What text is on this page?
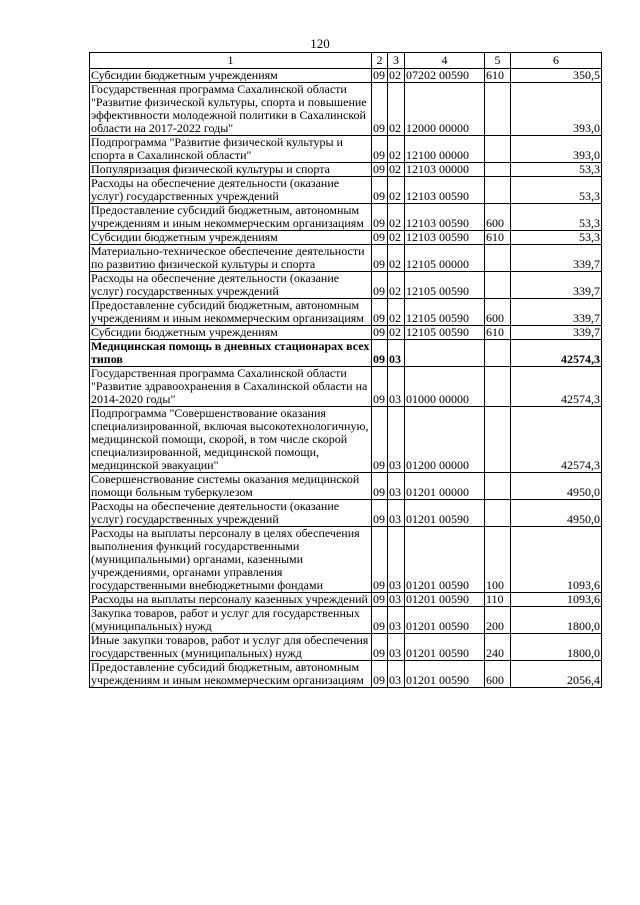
120
1	2	3	4	5	6
Субсидии бюджетным учреждениям	09	02	07202 00590	610	350,5
Государственная программа Сахалинской области "Развитие физической культуры, спорта и повышение эффективности молодежной политики в Сахалинской области на 2017-2022 годы"	09	02	12000 00000		393,0
Подпрограмма "Развитие физической культуры и спорта в Сахалинской области"	09	02	12100 00000		393,0
Популяризация физической культуры и спорта	09	02	12103 00000		53,3
Расходы на обеспечение деятельности (оказание услуг) государственных учреждений	09	02	12103 00590		53,3
Предоставление субсидий бюджетным, автономным учреждениям и иным некоммерческим организациям	09	02	12103 00590	600	53,3
Субсидии бюджетным учреждениям	09	02	12103 00590	610	53,3
Материально-техническое обеспечение деятельности по развитию физической культуры и спорта	09	02	12105 00000		339,7
Расходы на обеспечение деятельности (оказание услуг) государственных учреждений	09	02	12105 00590		339,7
Предоставление субсидий бюджетным, автономным учреждениям и иным некоммерческим организациям	09	02	12105 00590	600	339,7
Субсидии бюджетным учреждениям	09	02	12105 00590	610	339,7
Медицинская помощь в дневных стационарах всех типов	09	03			42574,3
Государственная программа Сахалинской области "Развитие здравоохранения в Сахалинской области на 2014-2020 годы"	09	03	01000 00000		42574,3
Подпрограмма "Совершенствование оказания специализированной, включая высокотехнологичную, медицинской помощи, скорой, в том числе скорой специализированной, медицинской помощи, медицинской эвакуации"	09	03	01200 00000		42574,3
Совершенствование системы оказания медицинской помощи больным туберкулезом	09	03	01201 00000		4950,0
Расходы на обеспечение деятельности (оказание услуг) государственных учреждений	09	03	01201 00590		4950,0
Расходы на выплаты персоналу в целях обеспечения выполнения функций государственными (муниципальными) органами, казенными учреждениями, органами управления государственными внебюджетными фондами	09	03	01201 00590	100	1093,6
Расходы на выплаты персоналу казенных учреждений	09	03	01201 00590	110	1093,6
Закупка товаров, работ и услуг для государственных (муниципальных) нужд	09	03	01201 00590	200	1800,0
Иные закупки товаров, работ и услуг для обеспечения государственных (муниципальных) нужд	09	03	01201 00590	240	1800,0
Предоставление субсидий бюджетным, автономным учреждениям и иным некоммерческим организациям	09	03	01201 00590	600	2056,4
